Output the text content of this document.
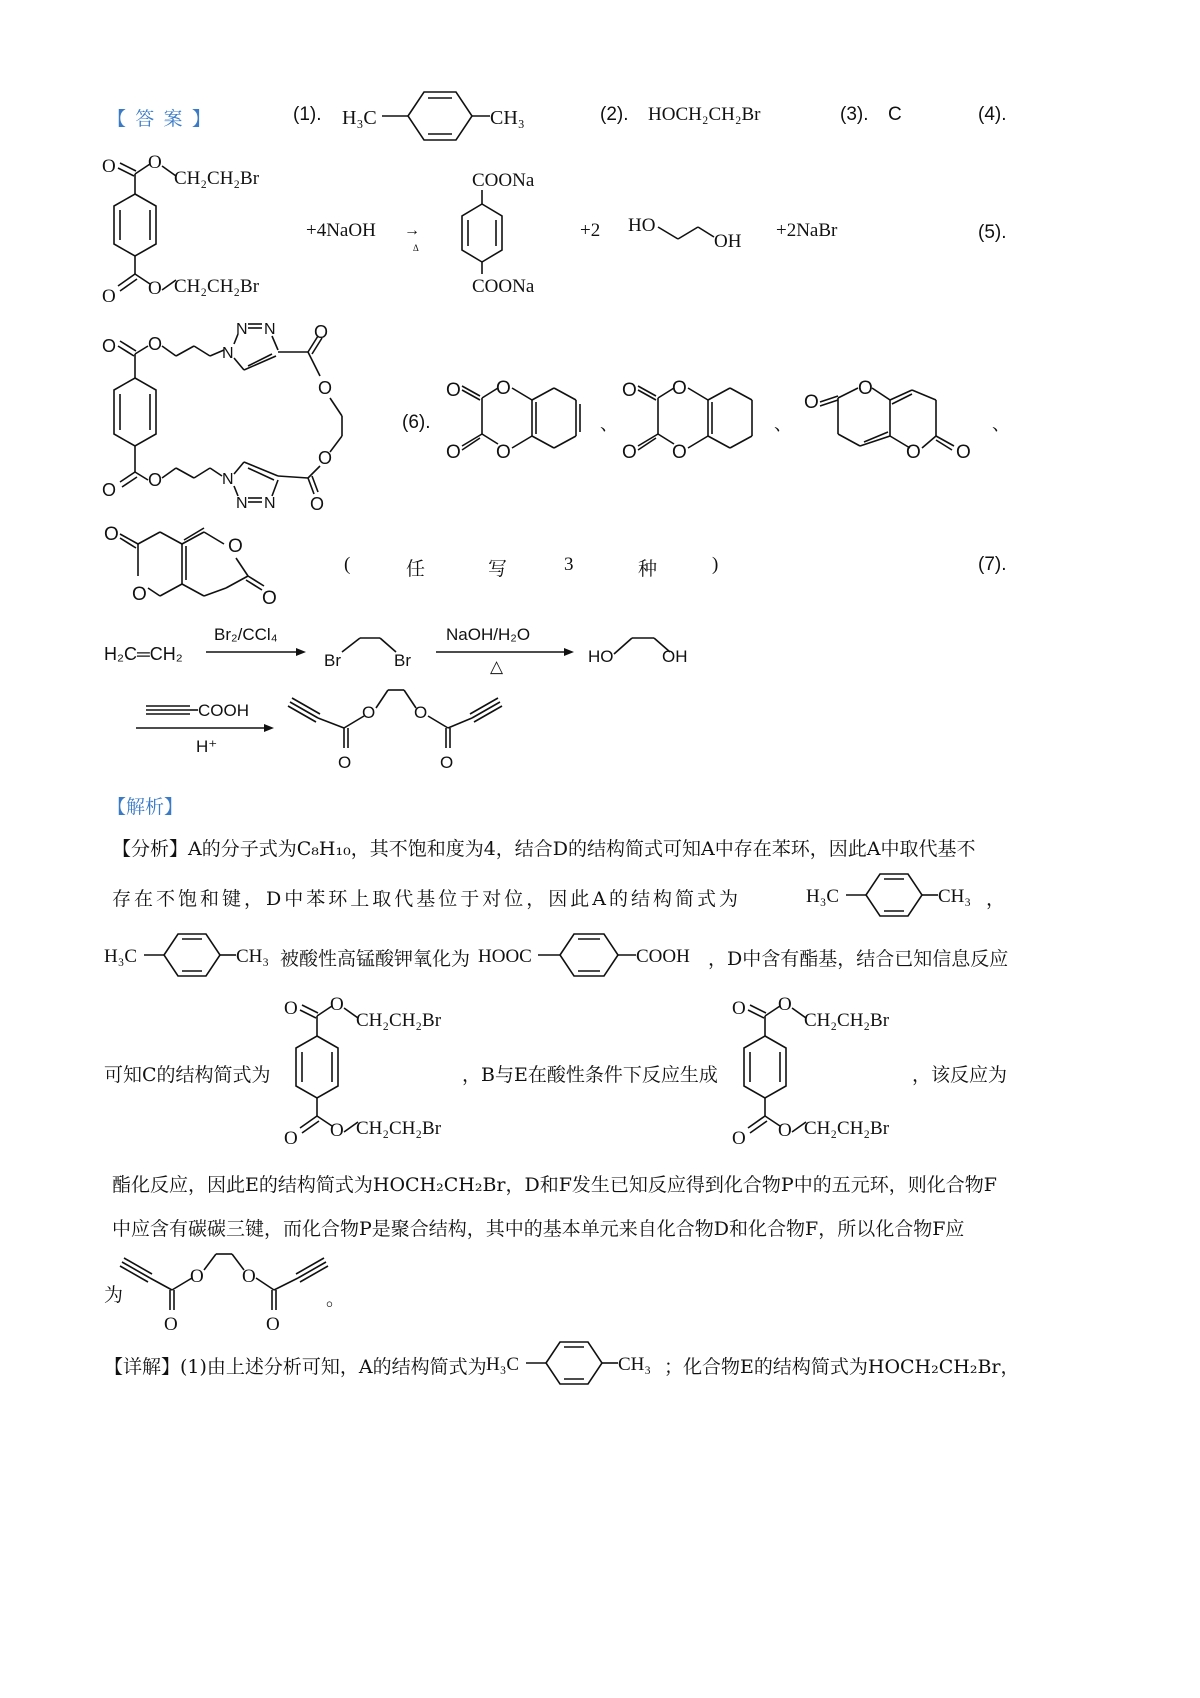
【 答 案 】	(1). H₃C	CH₃	(2). HOCH₂CH₂Br	(3). C	(4).
O O
CH₂CH₂Br
O O CH₂CH₂Br
+4NaOH →
Δ
COONa
COONa
+2 HO
OH
+2NaBr	(5).
O O	N
N N O
O
O
O
N
N N
O
O
(6).
O O
O O
、
O O
O O
、
O
O
O O
、
O
O
O
O
(	任	写	3	种	)	(7).
H₂C═CH₂
Br₂/CCl₄
Br	Br
NaOH/H₂O
△
HO	OH
COOH
H⁺
O
O O
O
【解析】
【分析】A的分子式为C₈H₁₀，其不饱和度为4，结合D的结构简式可知A中存在苯环，因此A中取代基不
存在不饱和键，D中苯环上取代基位于对位，因此A的结构简式为	H₃C	CH₃ ，
H₃C	CH₃ 被酸性高锰酸钾氧化为 HOOC	COOH ，D中含有酯基，结合已知信息反应
可知C的结构简式为
O O
CH₂CH₂Br
O O CH₂CH₂Br
，B与E在酸性条件下反应生成
O O
CH₂CH₂Br
O O CH₂CH₂Br
，该反应为
酯化反应，因此E的结构简式为HOCH₂CH₂Br，D和F发生已知反应得到化合物P中的五元环，则化合物F
中应含有碳碳三键，而化合物P是聚合结构，其中的基本单元来自化合物D和化合物F，所以化合物F应
为
O
O O
O
。
【详解】(1)由上述分析可知，A的结构简式为 H₃C	CH₃ ；化合物E的结构简式为HOCH₂CH₂Br，
